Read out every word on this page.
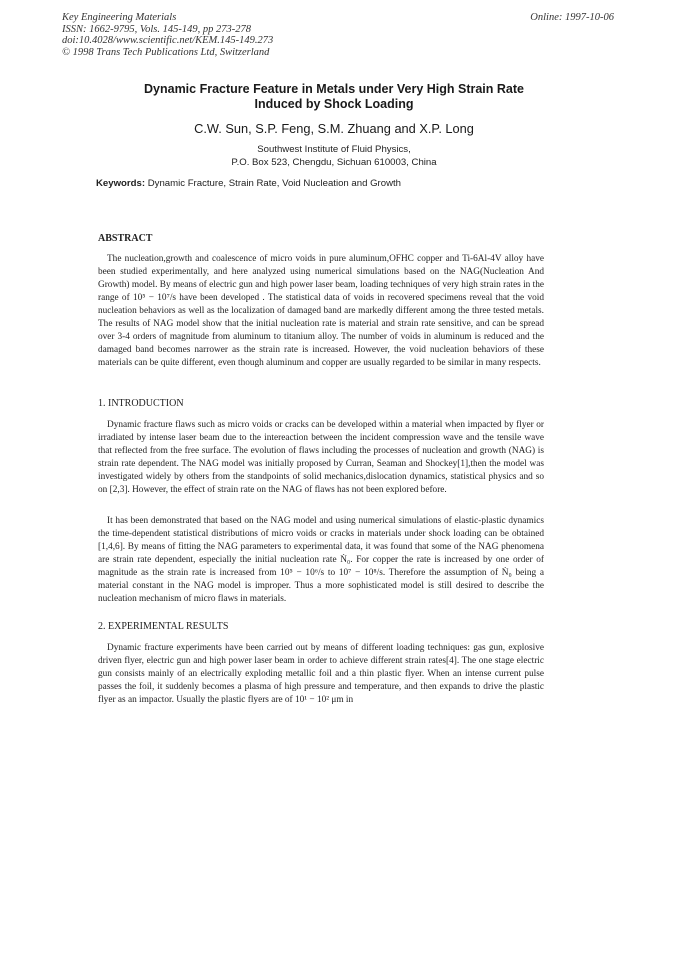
Key Engineering Materials
ISSN: 1662-9795, Vols. 145-149, pp 273-278
doi:10.4028/www.scientific.net/KEM.145-149.273
© 1998 Trans Tech Publications Ltd, Switzerland
Online: 1997-10-06
Dynamic Fracture Feature in Metals under Very High Strain Rate
Induced by Shock Loading
C.W. Sun, S.P. Feng, S.M. Zhuang and X.P. Long
Southwest Institute of Fluid Physics,
P.O. Box 523, Chengdu, Sichuan 610003, China
Keywords: Dynamic Fracture, Strain Rate, Void Nucleation and Growth
ABSTRACT
The nucleation,growth and coalescence of micro voids in pure aluminum,OFHC copper and Ti-6Al-4V alloy have been studied experimentally, and here analyzed using numerical simulations based on the NAG(Nucleation And Growth) model. By means of electric gun and high power laser beam, loading techniques of very high strain rates in the range of 10⁵ − 10⁷/s have been developed . The statistical data of voids in recovered specimens reveal that the void nucleation behaviors as well as the localization of damaged band are markedly different among the three tested metals. The results of NAG model show that the initial nucleation rate is material and strain rate sensitive, and can be spread over 3-4 orders of magnitude from aluminum to titanium alloy. The number of voids in aluminum is reduced and the damaged band becomes narrower as the strain rate is increased. However, the void nucleation behaviors of these materials can be quite different, even though aluminum and copper are usually regarded to be similar in many respects.
1. INTRODUCTION
Dynamic fracture flaws such as micro voids or cracks can be developed within a material when impacted by flyer or irradiated by intense laser beam due to the intereaction between the incident compression wave and the tensile wave that reflected from the free surface. The evolution of flaws including the processes of nucleation and growth (NAG) is strain rate dependent. The NAG model was initially proposed by Curran, Seaman and Shockey[1],then the model was investigated widely by others from the standpoints of solid mechanics,dislocation dynamics, statistical physics and so on [2,3]. However, the effect of strain rate on the NAG of flaws has not been explored before.
It has been demonstrated that based on the NAG model and using numerical simulations of elastic-plastic dynamics the time-dependent statistical distributions of micro voids or cracks in materials under shock loading can be obtained [1,4,6]. By means of fitting the NAG parameters to experimental data, it was found that some of the NAG phenomena are strain rate dependent, especially the initial nucleation rate Ṅ₀. For copper the rate is increased by one order of magnitude as the strain rate is increased from 10⁵ − 10⁶/s to 10⁷ − 10⁸/s. Therefore the assumption of Ṅ₀ being a material constant in the NAG model is improper. Thus a more sophisticated model is still desired to describe the nucleation mechanism of micro flaws in materials.
2. EXPERIMENTAL RESULTS
Dynamic fracture experiments have been carried out by means of different loading techniques: gas gun, explosive driven flyer, electric gun and high power laser beam in order to achieve different strain rates[4]. The one stage electric gun consists mainly of an electrically exploding metallic foil and a thin plastic flyer. When an intense current pulse passes the foil, it suddenly becomes a plasma of high pressure and temperature, and then expands to drive the plastic flyer as an impactor. Usually the plastic flyers are of 10¹ − 10² μm in
